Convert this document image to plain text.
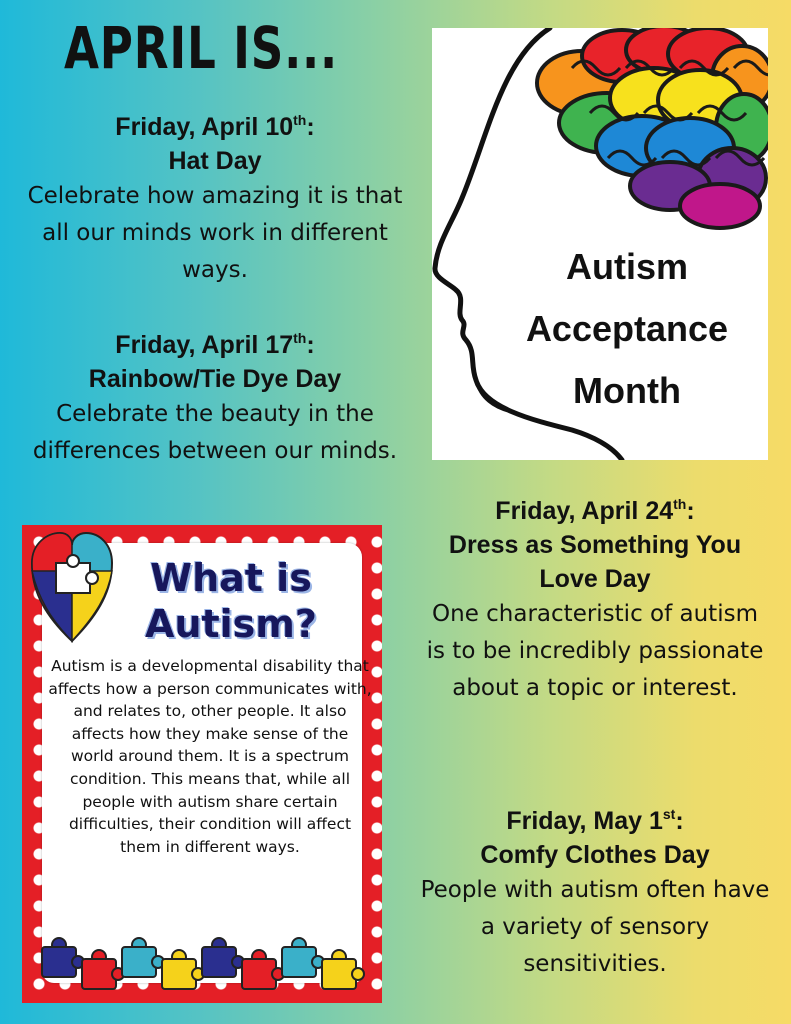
APRIL IS...
Friday, April 10th:
Hat Day
Celebrate how amazing it is that all our minds work in different ways.
Friday, April 17th:
Rainbow/Tie Dye Day
Celebrate the beauty in the differences between our minds.
Friday, April 24th:
Dress as Something You Love Day
One characteristic of autism is to be incredibly passionate about a topic or interest.
Friday, May 1st:
Comfy Clothes Day
People with autism often have a variety of sensory sensitivities.
Autism
Acceptance
Month
What is
Autism?
Autism is a developmental disability that affects how a person communicates with, and relates to, other people. It also affects how they make sense of the world around them. It is a spectrum condition. This means that, while all people with autism share certain difficulties, their condition will affect them in different ways.
